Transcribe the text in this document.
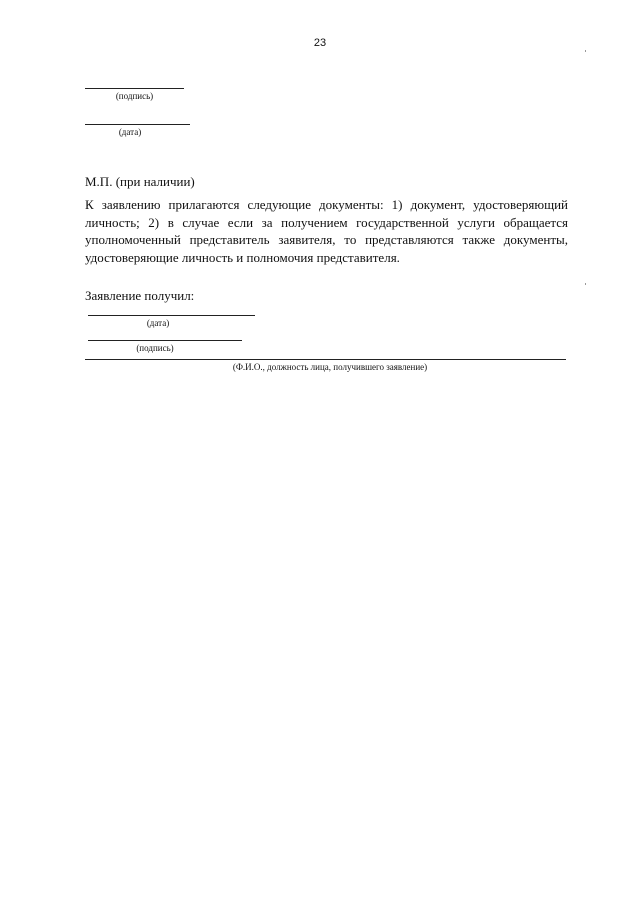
23
(подпись)
(дата)
М.П. (при наличии)

К заявлению прилагаются следующие документы: 1) документ, удостоверяющий личность; 2) в случае если за получением государственной услуги обращается уполномоченный представитель заявителя, то представляются также документы, удостоверяющие личность и полномочия представителя.

Заявление получил:
(дата)
(подпись)
(Ф.И.О., должность лица, получившего заявление)
